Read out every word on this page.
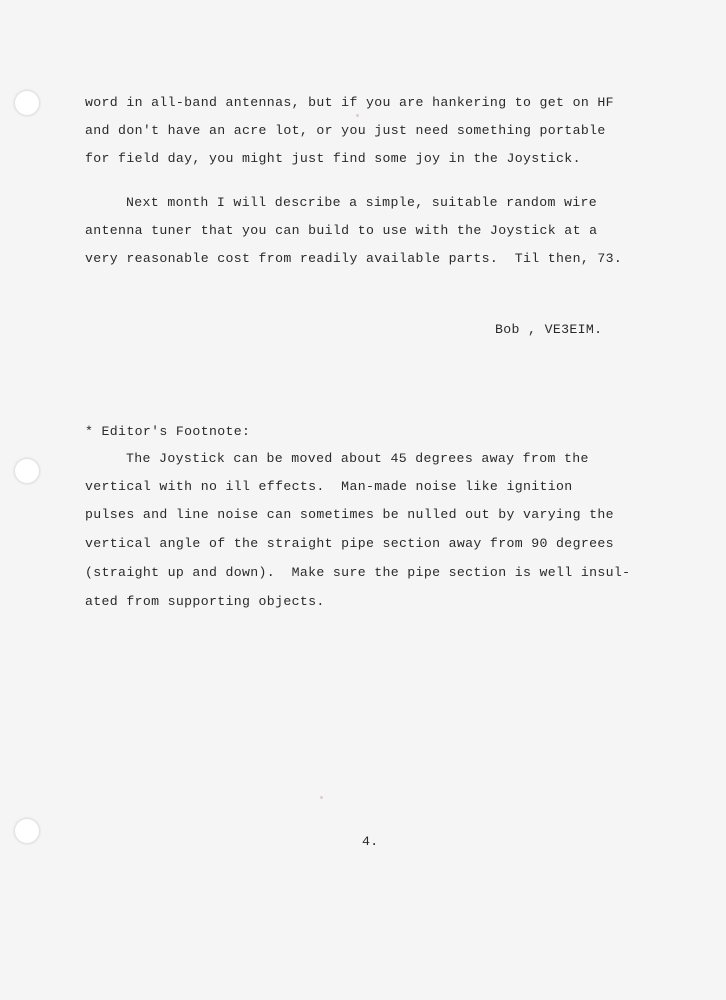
word in all-band antennas, but if you are hankering to get on HF
and don't have an acre lot, or you just need something portable
for field day, you might just find some joy in the Joystick.
Next month I will describe a simple, suitable random wire
antenna tuner that you can build to use with the Joystick at a
very reasonable cost from readily available parts.  Til then, 73.
Bob , VE3EIM.
* Editor's Footnote:
The Joystick can be moved about 45 degrees away from the
vertical with no ill effects.  Man-made noise like ignition
pulses and line noise can sometimes be nulled out by varying the
vertical angle of the straight pipe section away from 90 degrees
(straight up and down).  Make sure the pipe section is well insul-
ated from supporting objects.
4.
